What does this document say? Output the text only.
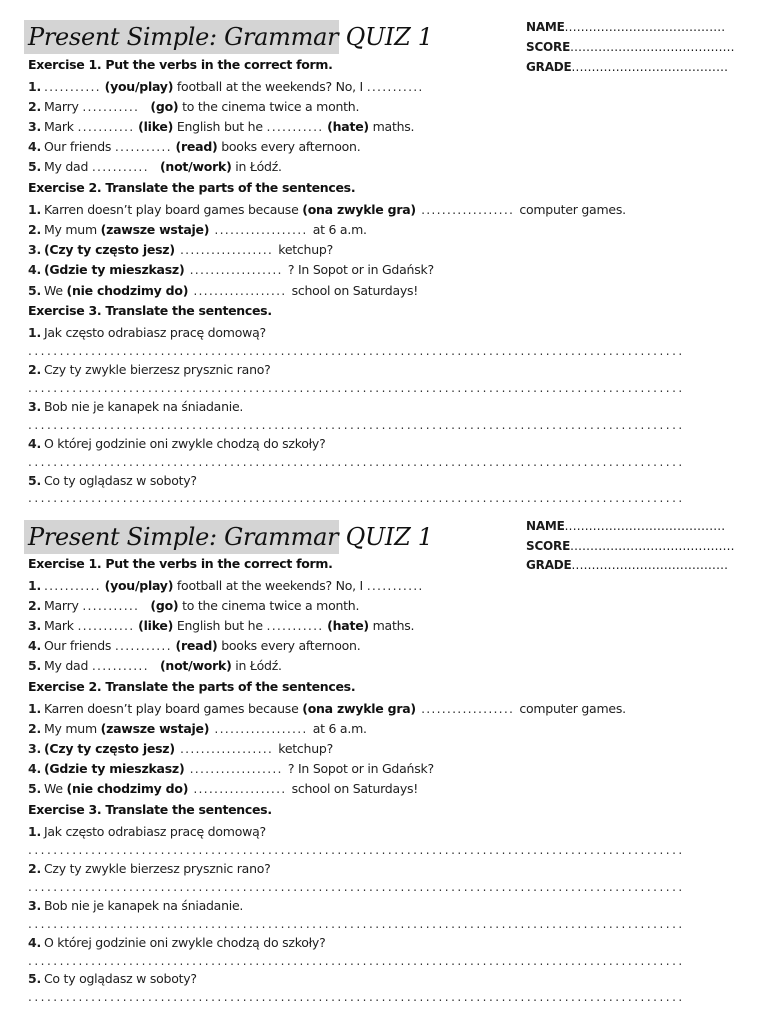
Present Simple: Grammar QUIZ 1	NAME........................................
SCORE.........................................
GRADE.......................................
Exercise 1. Put the verbs in the correct form.
1. ........... (you/play) football at the weekends? No, I ...........
2. Marry ........... (go) to the cinema twice a month.
3. Mark ........... (like) English but he ........... (hate) maths.
4. Our friends ........... (read) books every afternoon.
5. My dad ........... (not/work) in Łódź.
Exercise 2. Translate the parts of the sentences.
1. Karren doesn’t play board games because (ona zwykle gra) .................. computer games.
2. My mum (zawsze wstaje) .................. at 6 a.m.
3. (Czy ty często jesz) .................. ketchup?
4. (Gdzie ty mieszkasz) .................. ? In Sopot or in Gdańsk?
5. We (nie chodzimy do) .................. school on Saturdays!
Exercise 3. Translate the sentences.
1. Jak często odrabiasz pracę domową?
........................................................................................................
2. Czy ty zwykle bierzesz prysznic rano?
........................................................................................................
3. Bob nie je kanapek na śniadanie.
........................................................................................................
4. O której godzinie oni zwykle chodzą do szkoły?
........................................................................................................
5. Co ty oglądasz w soboty?
........................................................................................................
Present Simple: Grammar QUIZ 1	NAME........................................
SCORE.........................................
GRADE.......................................
Exercise 1. Put the verbs in the correct form.
1. ........... (you/play) football at the weekends? No, I ...........
2. Marry ........... (go) to the cinema twice a month.
3. Mark ........... (like) English but he ........... (hate) maths.
4. Our friends ........... (read) books every afternoon.
5. My dad ........... (not/work) in Łódź.
Exercise 2. Translate the parts of the sentences.
1. Karren doesn’t play board games because (ona zwykle gra) .................. computer games.
2. My mum (zawsze wstaje) .................. at 6 a.m.
3. (Czy ty często jesz) .................. ketchup?
4. (Gdzie ty mieszkasz) .................. ? In Sopot or in Gdańsk?
5. We (nie chodzimy do) .................. school on Saturdays!
Exercise 3. Translate the sentences.
1. Jak często odrabiasz pracę domową?
........................................................................................................
2. Czy ty zwykle bierzesz prysznic rano?
........................................................................................................
3. Bob nie je kanapek na śniadanie.
........................................................................................................
4. O której godzinie oni zwykle chodzą do szkoły?
........................................................................................................
5. Co ty oglądasz w soboty?
........................................................................................................
